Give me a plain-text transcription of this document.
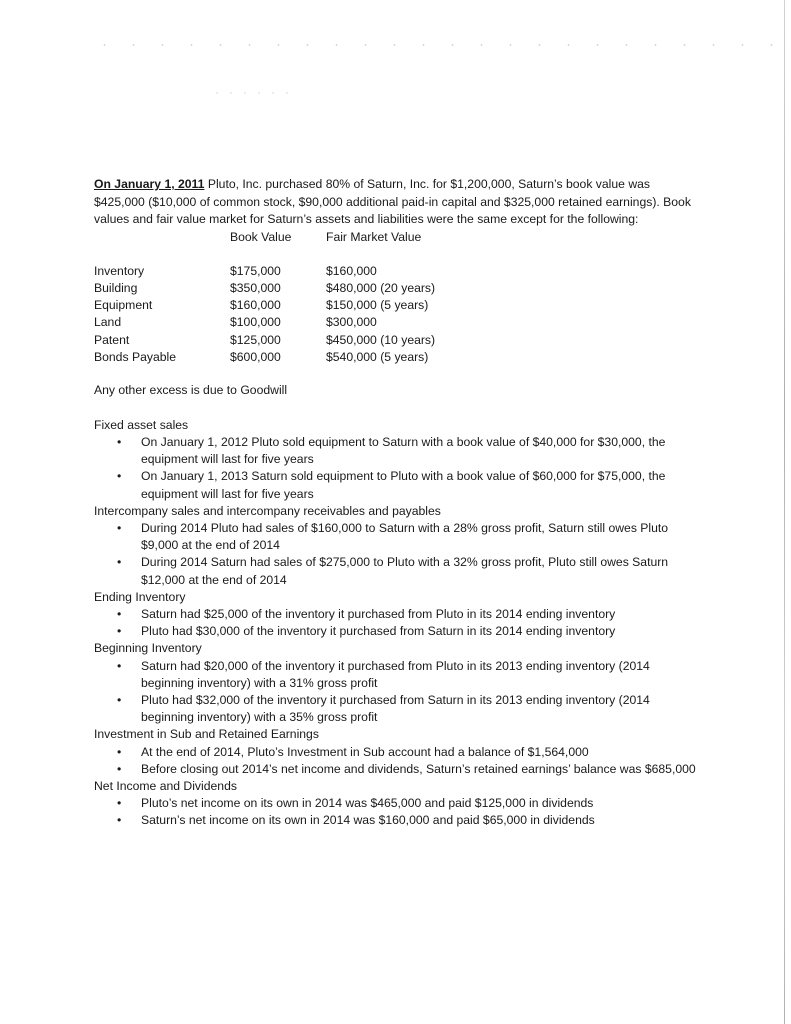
On January 1, 2011 Pluto, Inc. purchased 80% of Saturn, Inc. for $1,200,000, Saturn’s book value was $425,000 ($10,000 of common stock, $90,000 additional paid-in capital and $325,000 retained earnings). Book values and fair value market for Saturn’s assets and liabilities were the same except for the following:

	Book Value	Fair Market Value
Inventory	$175,000	$160,000
Building	$350,000	$480,000 (20 years)
Equipment	$160,000	$150,000 (5 years)
Land	$100,000	$300,000
Patent	$125,000	$450,000 (10 years)
Bonds Payable	$600,000	$540,000 (5 years)
Any other excess is due to Goodwill
Fixed asset sales
• On January 1, 2012 Pluto sold equipment to Saturn with a book value of $40,000 for $30,000, the equipment will last for five years
• On January 1, 2013 Saturn sold equipment to Pluto with a book value of $60,000 for $75,000, the equipment will last for five years
Intercompany sales and intercompany receivables and payables
• During 2014 Pluto had sales of $160,000 to Saturn with a 28% gross profit, Saturn still owes Pluto $9,000 at the end of 2014
• During 2014 Saturn had sales of $275,000 to Pluto with a 32% gross profit, Pluto still owes Saturn $12,000 at the end of 2014
Ending Inventory
• Saturn had $25,000 of the inventory it purchased from Pluto in its 2014 ending inventory
• Pluto had $30,000 of the inventory it purchased from Saturn in its 2014 ending inventory
Beginning Inventory
• Saturn had $20,000 of the inventory it purchased from Pluto in its 2013 ending inventory (2014 beginning inventory) with a 31% gross profit
• Pluto had $32,000 of the inventory it purchased from Saturn in its 2013 ending inventory (2014 beginning inventory) with a 35% gross profit
Investment in Sub and Retained Earnings
• At the end of 2014, Pluto’s Investment in Sub account had a balance of $1,564,000
• Before closing out 2014’s net income and dividends, Saturn’s retained earnings’ balance was $685,000
Net Income and Dividends
• Pluto’s net income on its own in 2014 was $465,000 and paid $125,000 in dividends
• Saturn’s net income on its own in 2014 was $160,000 and paid $65,000 in dividends
